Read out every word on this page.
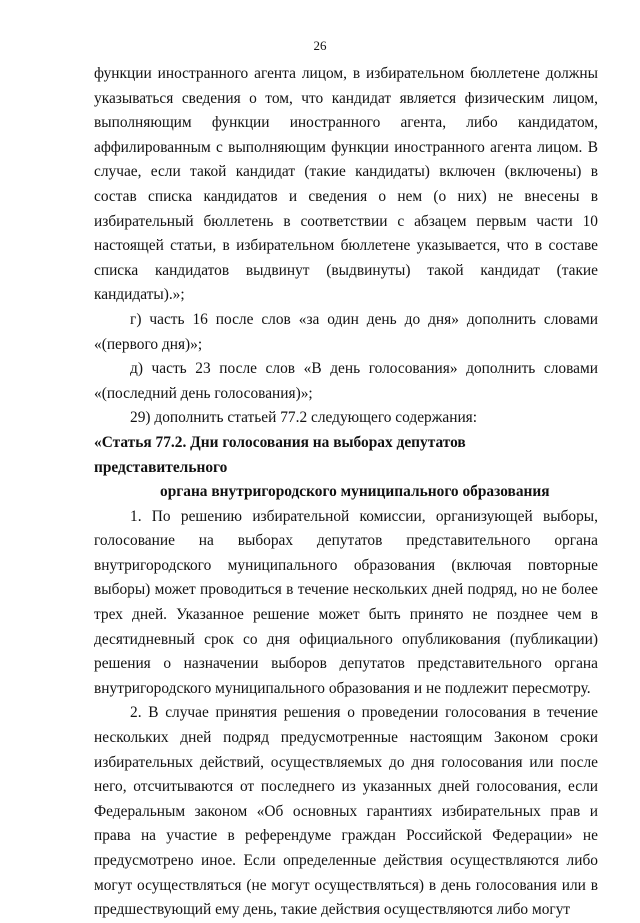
26

функции иностранного агента лицом, в избирательном бюллетене должны указываться сведения о том, что кандидат является физическим лицом, выполняющим функции иностранного агента, либо кандидатом, аффилированным с выполняющим функции иностранного агента лицом. В случае, если такой кандидат (такие кандидаты) включен (включены) в состав списка кандидатов и сведения о нем (о них) не внесены в избирательный бюллетень в соответствии с абзацем первым части 10 настоящей статьи, в избирательном бюллетене указывается, что в составе списка кандидатов выдвинут (выдвинуты) такой кандидат (такие кандидаты).»;

г) часть 16 после слов «за один день до дня» дополнить словами «(первого дня)»;

д) часть 23 после слов «В день голосования» дополнить словами «(последний день голосования)»;

29) дополнить статьей 77.2 следующего содержания:

«Статья 77.2. Дни голосования на выборах депутатов представительного
органа внутригородского муниципального образования

1. По решению избирательной комиссии, организующей выборы, голосование на выборах депутатов представительного органа внутригородского муниципального образования (включая повторные выборы) может проводиться в течение нескольких дней подряд, но не более трех дней. Указанное решение может быть принято не позднее чем в десятидневный срок со дня официального опубликования (публикации) решения о назначении выборов депутатов представительного органа внутригородского муниципального образования и не подлежит пересмотру.

2. В случае принятия решения о проведении голосования в течение нескольких дней подряд предусмотренные настоящим Законом сроки избирательных действий, осуществляемых до дня голосования или после него, отсчитываются от последнего из указанных дней голосования, если Федеральным законом «Об основных гарантиях избирательных прав и права на участие в референдуме граждан Российской Федерации» не предусмотрено иное. Если определенные действия осуществляются либо могут осуществляться (не могут осуществляться) в день голосования или в предшествующий ему день, такие действия осуществляются либо могут
